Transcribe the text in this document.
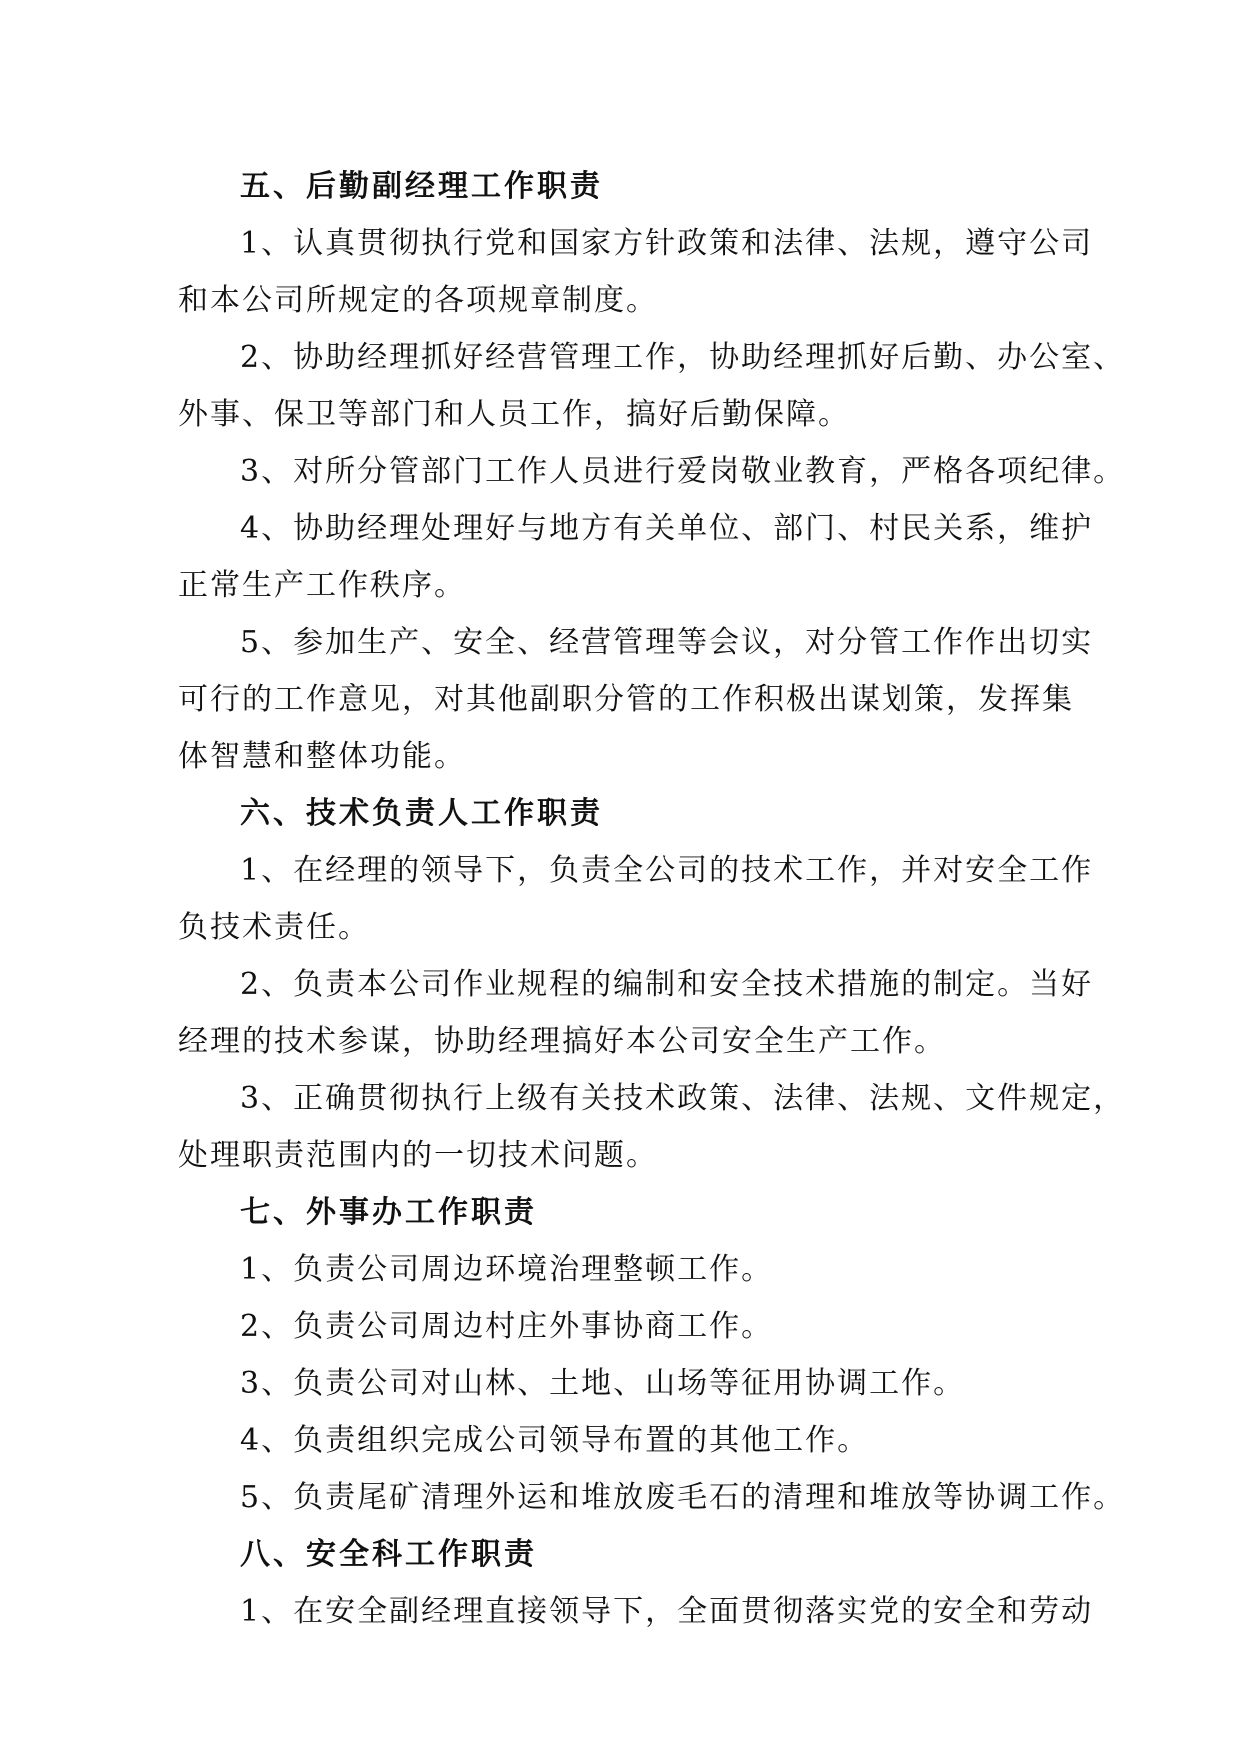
五、后勤副经理工作职责
1、认真贯彻执行党和国家方针政策和法律、法规，遵守公司
和本公司所规定的各项规章制度。
2、协助经理抓好经营管理工作，协助经理抓好后勤、办公室、
外事、保卫等部门和人员工作，搞好后勤保障。
3、对所分管部门工作人员进行爱岗敬业教育，严格各项纪律。
4、协助经理处理好与地方有关单位、部门、村民关系，维护
正常生产工作秩序。
5、参加生产、安全、经营管理等会议，对分管工作作出切实
可行的工作意见，对其他副职分管的工作积极出谋划策，发挥集
体智慧和整体功能。
六、技术负责人工作职责
1、在经理的领导下，负责全公司的技术工作，并对安全工作
负技术责任。
2、负责本公司作业规程的编制和安全技术措施的制定。当好
经理的技术参谋，协助经理搞好本公司安全生产工作。
3、正确贯彻执行上级有关技术政策、法律、法规、文件规定，
处理职责范围内的一切技术问题。
七、外事办工作职责
1、负责公司周边环境治理整顿工作。
2、负责公司周边村庄外事协商工作。
3、负责公司对山林、土地、山场等征用协调工作。
4、负责组织完成公司领导布置的其他工作。
5、负责尾矿清理外运和堆放废毛石的清理和堆放等协调工作。
八、安全科工作职责
1、在安全副经理直接领导下，全面贯彻落实党的安全和劳动
